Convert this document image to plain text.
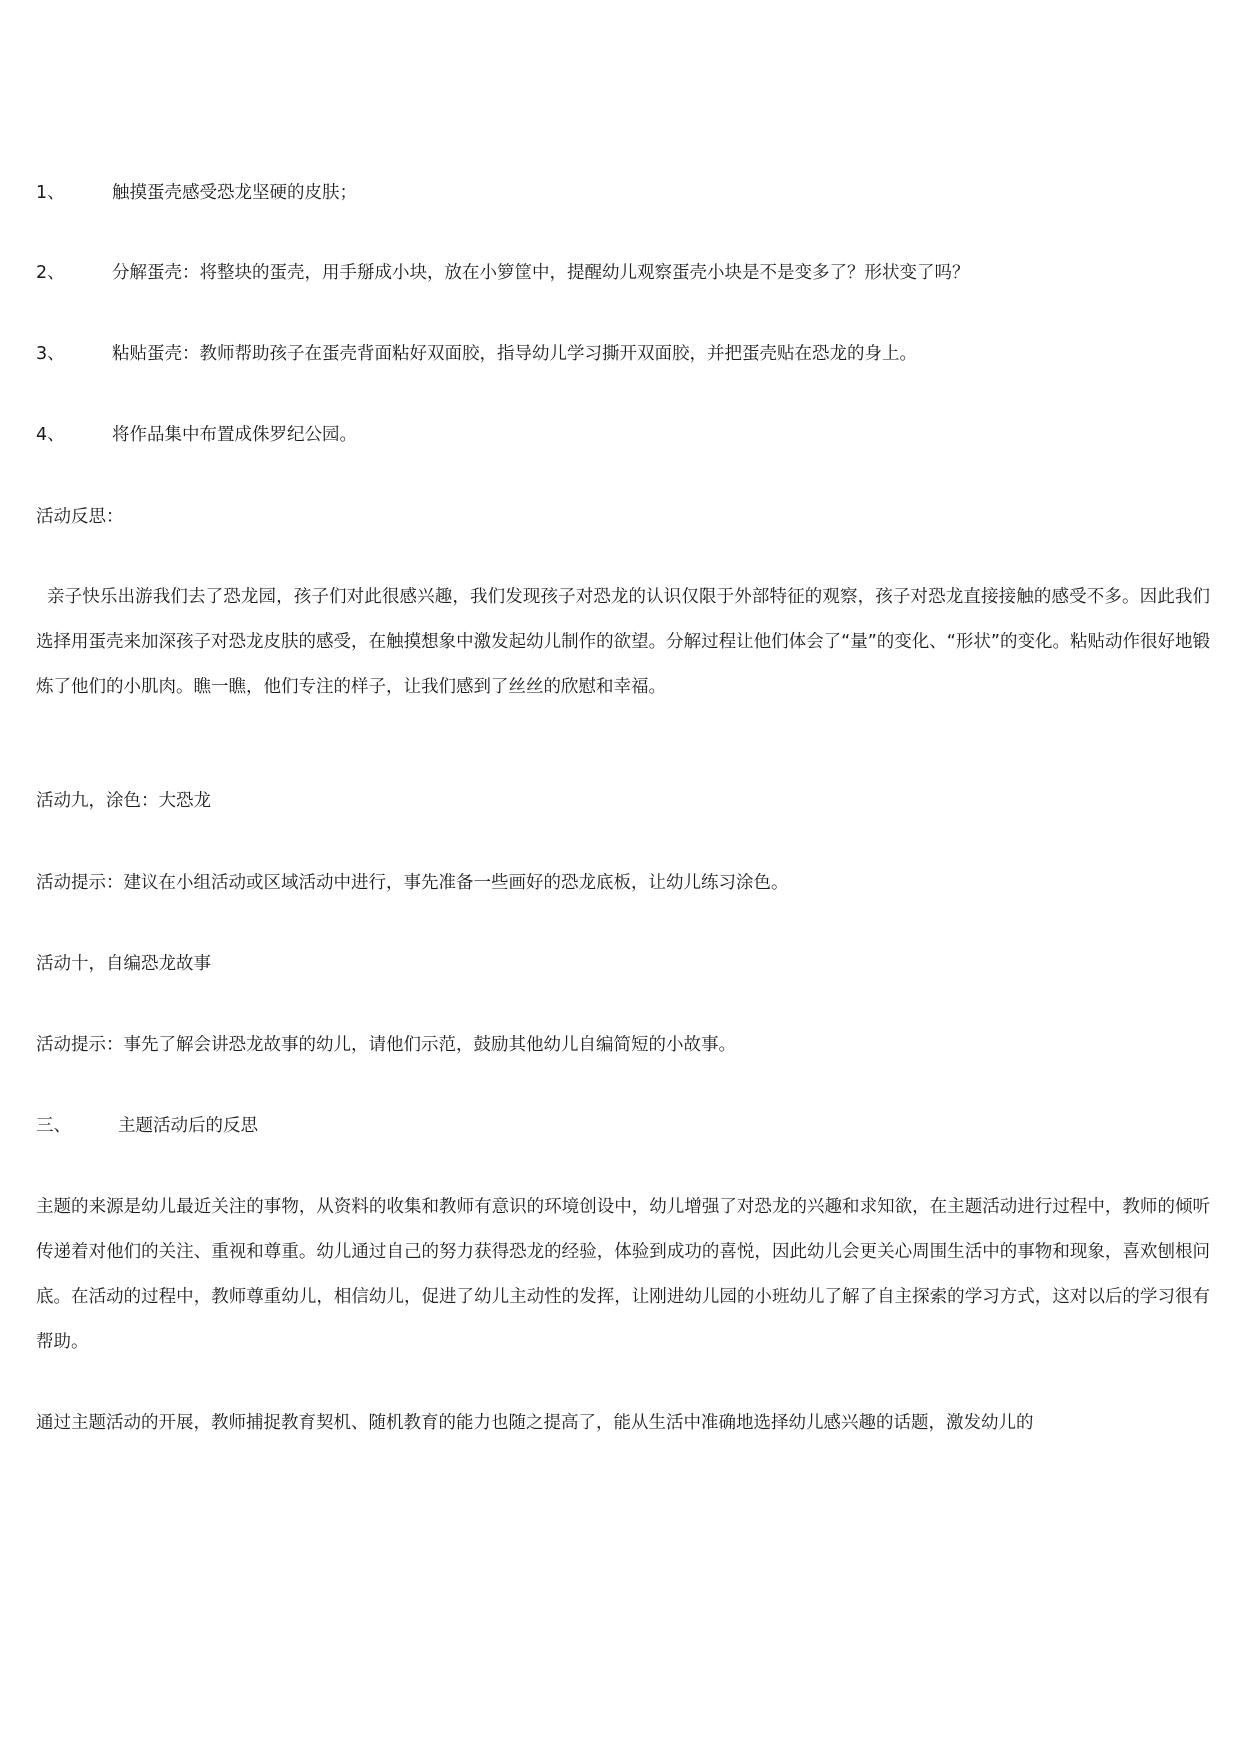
1、	触摸蛋壳感受恐龙坚硬的皮肤；
2、	分解蛋壳：将整块的蛋壳，用手掰成小块，放在小箩筐中，提醒幼儿观察蛋壳小块是不是变多了？形状变了吗？
3、	粘贴蛋壳：教师帮助孩子在蛋壳背面粘好双面胶，指导幼儿学习撕开双面胶，并把蛋壳贴在恐龙的身上。
4、	将作品集中布置成侏罗纪公园。
活动反思：
亲子快乐出游我们去了恐龙园，孩子们对此很感兴趣，我们发现孩子对恐龙的认识仅限于外部特征的观察，孩子对恐龙直接接触的感受不多。因此我们选择用蛋壳来加深孩子对恐龙皮肤的感受，在触摸想象中激发起幼儿制作的欲望。分解过程让他们体会了“量”的变化、“形状”的变化。粘贴动作很好地锻炼了他们的小肌肉。瞧一瞧，他们专注的样子，让我们感到了丝丝的欣慰和幸福。
活动九，涂色：大恐龙
活动提示：建议在小组活动或区域活动中进行，事先准备一些画好的恐龙底板，让幼儿练习涂色。
活动十，自编恐龙故事
活动提示：事先了解会讲恐龙故事的幼儿，请他们示范，鼓励其他幼儿自编简短的小故事。
三、	主题活动后的反思
主题的来源是幼儿最近关注的事物，从资料的收集和教师有意识的环境创设中，幼儿增强了对恐龙的兴趣和求知欲，在主题活动进行过程中，教师的倾听传递着对他们的关注、重视和尊重。幼儿通过自己的努力获得恐龙的经验，体验到成功的喜悦，因此幼儿会更关心周围生活中的事物和现象，喜欢刨根问底。在活动的过程中，教师尊重幼儿，相信幼儿，促进了幼儿主动性的发挥，让刚进幼儿园的小班幼儿了解了自主探索的学习方式，这对以后的学习很有帮助。
通过主题活动的开展，教师捕捉教育契机、随机教育的能力也随之提高了，能从生活中准确地选择幼儿感兴趣的话题，激发幼儿的
